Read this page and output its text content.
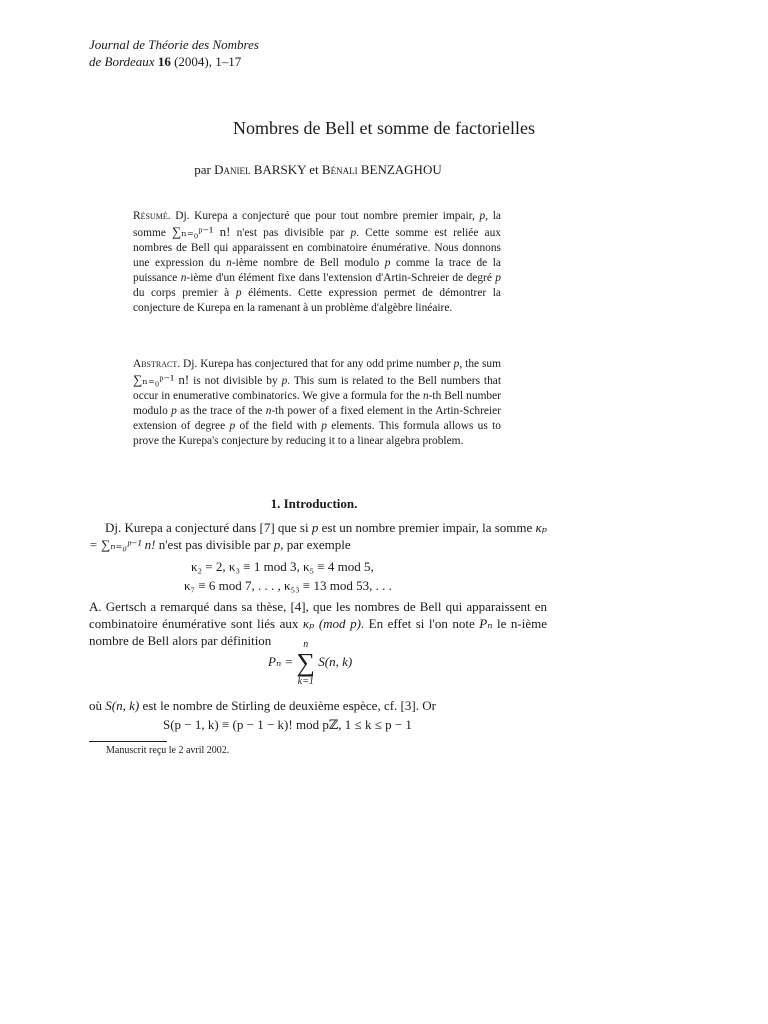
Journal de Théorie des Nombres
de Bordeaux 16 (2004), 1–17
Nombres de Bell et somme de factorielles
par Daniel BARSKY et Bénali BENZAGHOU
Résumé. Dj. Kurepa a conjecturé que pour tout nombre premier impair, p, la somme ∑ₙ₌₀ᵖ⁻¹ n! n'est pas divisible par p. Cette somme est reliée aux nombres de Bell qui apparaissent en combinatoire énumérative. Nous donnons une expression du n-ième nombre de Bell modulo p comme la trace de la puissance n-ième d'un élément fixe dans l'extension d'Artin-Schreier de degré p du corps premier à p éléments. Cette expression permet de démontrer la conjecture de Kurepa en la ramenant à un problème d'algèbre linéaire.
Abstract. Dj. Kurepa has conjectured that for any odd prime number p, the sum ∑ₙ₌₀ᵖ⁻¹ n! is not divisible by p. This sum is related to the Bell numbers that occur in enumerative combinatorics. We give a formula for the n-th Bell number modulo p as the trace of the n-th power of a fixed element in the Artin-Schreier extension of degree p of the field with p elements. This formula allows us to prove the Kurepa's conjecture by reducing it to a linear algebra problem.
1. Introduction.
Dj. Kurepa a conjecturé dans [7] que si p est un nombre premier impair, la somme κₚ = ∑ₙ₌₀ᵖ⁻¹ n! n'est pas divisible par p, par exemple
κ₂ = 2, κ₃ ≡ 1 mod 3, κ₅ ≡ 4 mod 5,
κ₇ ≡ 6 mod 7, . . . , κ₅₃ ≡ 13 mod 53, . . .
A. Gertsch a remarqué dans sa thèse, [4], que les nombres de Bell qui apparaissent en combinatoire énumérative sont liés aux κₚ (mod p). En effet si l'on note Pₙ le n-ième nombre de Bell alors par définition
Pₙ =
n
∑
k=1
S(n, k)
où S(n, k) est le nombre de Stirling de deuxième espèce, cf. [3]. Or
S(p − 1, k) ≡ (p − 1 − k)! mod pℤ, 1 ≤ k ≤ p − 1
Manuscrit reçu le 2 avril 2002.
